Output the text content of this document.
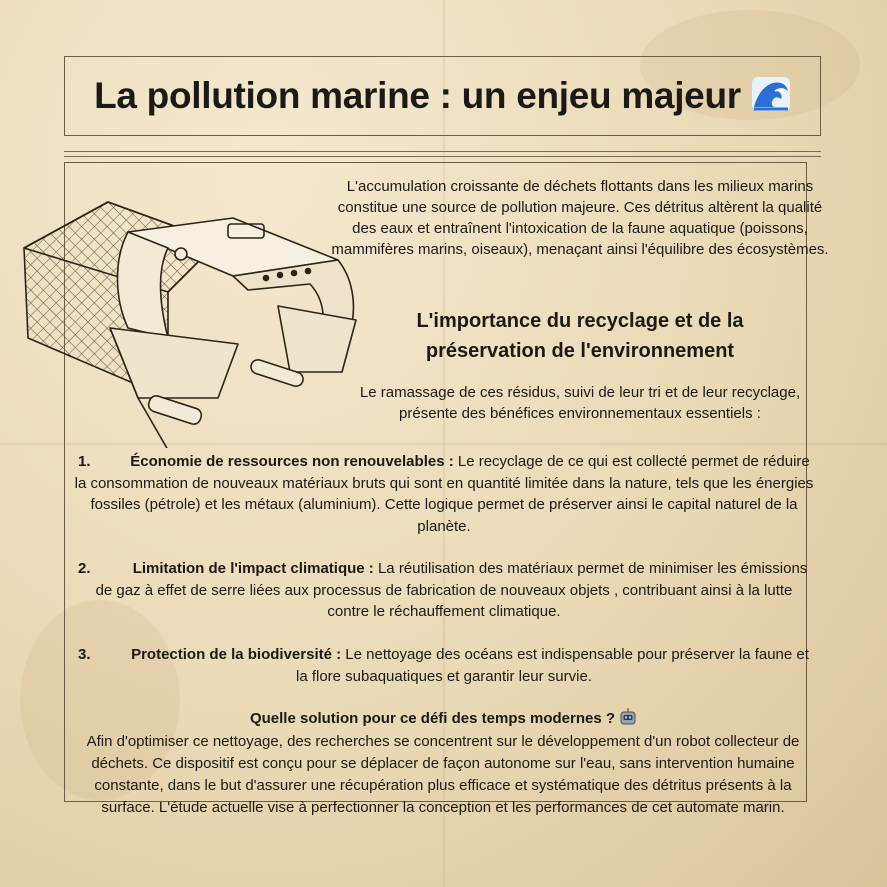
La pollution marine : un enjeu majeur
L'accumulation croissante de déchets flottants dans les milieux marins constitue une source de pollution majeure. Ces détritus altèrent la qualité des eaux et entraînent l'intoxication de la faune aquatique (poissons, mammifères marins, oiseaux), menaçant ainsi l'équilibre des écosystèmes.
L'importance du recyclage et de la
préservation de l'environnement
Le ramassage de ces résidus, suivi de leur tri et de leur recyclage, présente des bénéfices environnementaux essentiels :
1.	Économie de ressources non renouvelables : Le recyclage de ce qui est collecté permet de réduire la consommation de nouveaux matériaux bruts qui sont en quantité limitée dans la nature, tels que les énergies fossiles (pétrole) et les métaux (aluminium). Cette logique permet de préserver ainsi le capital naturel de la planète.
2.	Limitation de l'impact climatique : La réutilisation des matériaux permet de minimiser les émissions de gaz à effet de serre liées aux processus de fabrication de nouveaux objets , contribuant ainsi à la lutte contre le réchauffement climatique.
3.	Protection de la biodiversité : Le nettoyage des océans est indispensable pour préserver la faune et la flore subaquatiques et garantir leur survie.
Quelle solution pour ce défi des temps modernes ?
Afin d'optimiser ce nettoyage, des recherches se concentrent sur le développement d'un robot collecteur de déchets. Ce dispositif est conçu pour se déplacer de façon autonome sur l'eau, sans intervention humaine constante, dans le but d'assurer une récupération plus efficace et systématique des détritus présents à la surface. L'étude actuelle vise à perfectionner la conception et les performances de cet automate marin.
